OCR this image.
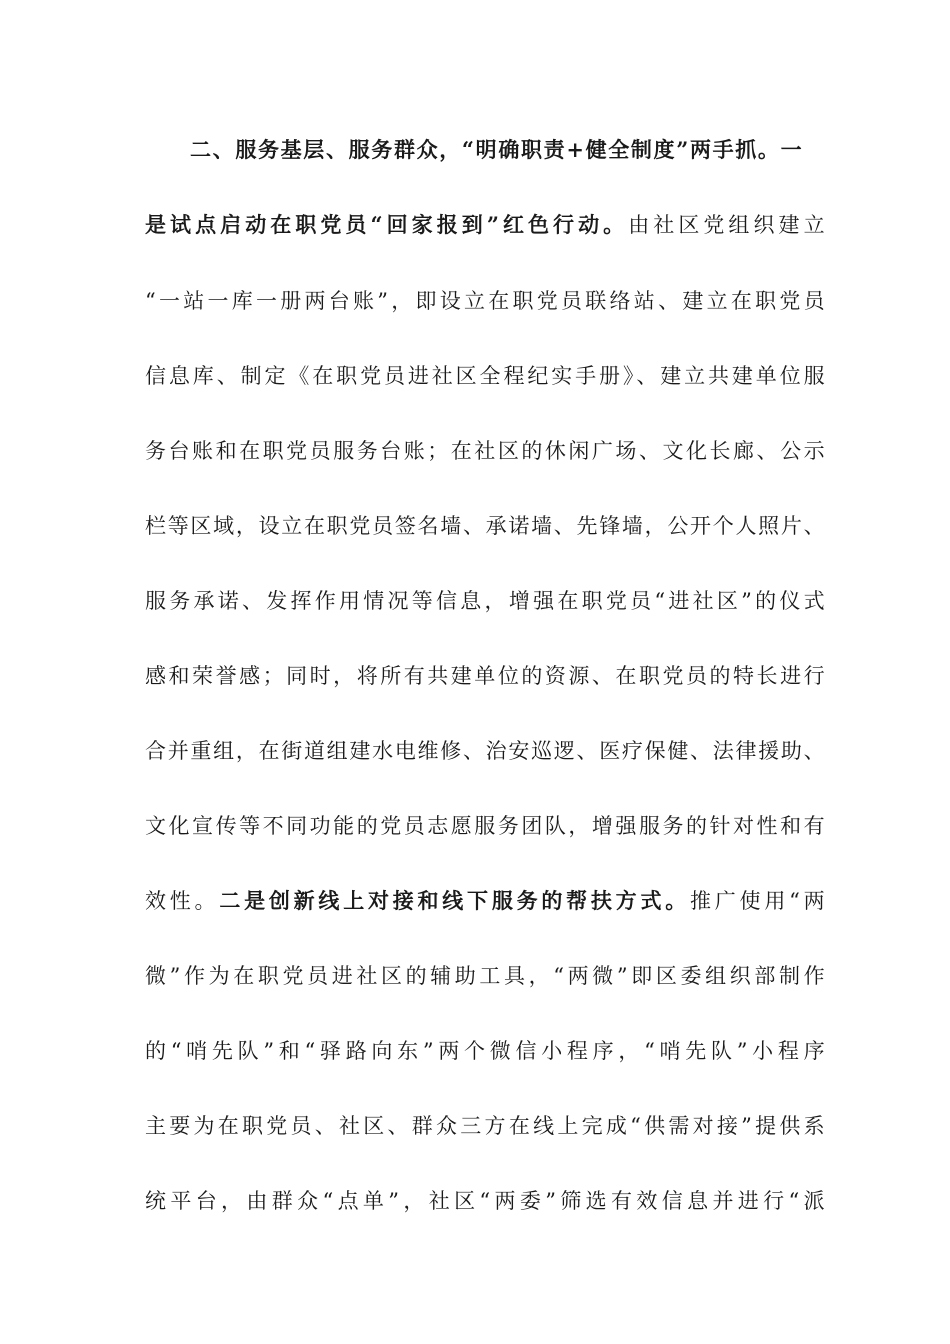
二、服务基层、服务群众，“明确职责+健全制度”两手抓。一
是试点启动在职党员“回家报到”红色行动。由社区党组织建立
“一站一库一册两台账”，即设立在职党员联络站、建立在职党员
信息库、制定《在职党员进社区全程纪实手册》、建立共建单位服
务台账和在职党员服务台账；在社区的休闲广场、文化长廊、公示
栏等区域，设立在职党员签名墙、承诺墙、先锋墙，公开个人照片、
服务承诺、发挥作用情况等信息，增强在职党员“进社区”的仪式
感和荣誉感；同时，将所有共建单位的资源、在职党员的特长进行
合并重组，在街道组建水电维修、治安巡逻、医疗保健、法律援助、
文化宣传等不同功能的党员志愿服务团队，增强服务的针对性和有
效性。二是创新线上对接和线下服务的帮扶方式。推广使用“两
微”作为在职党员进社区的辅助工具，“两微”即区委组织部制作
的“哨先队”和“驿路向东”两个微信小程序，“哨先队”小程序
主要为在职党员、社区、群众三方在线上完成“供需对接”提供系
统平台，由群众“点单”，社区“两委”筛选有效信息并进行“派
